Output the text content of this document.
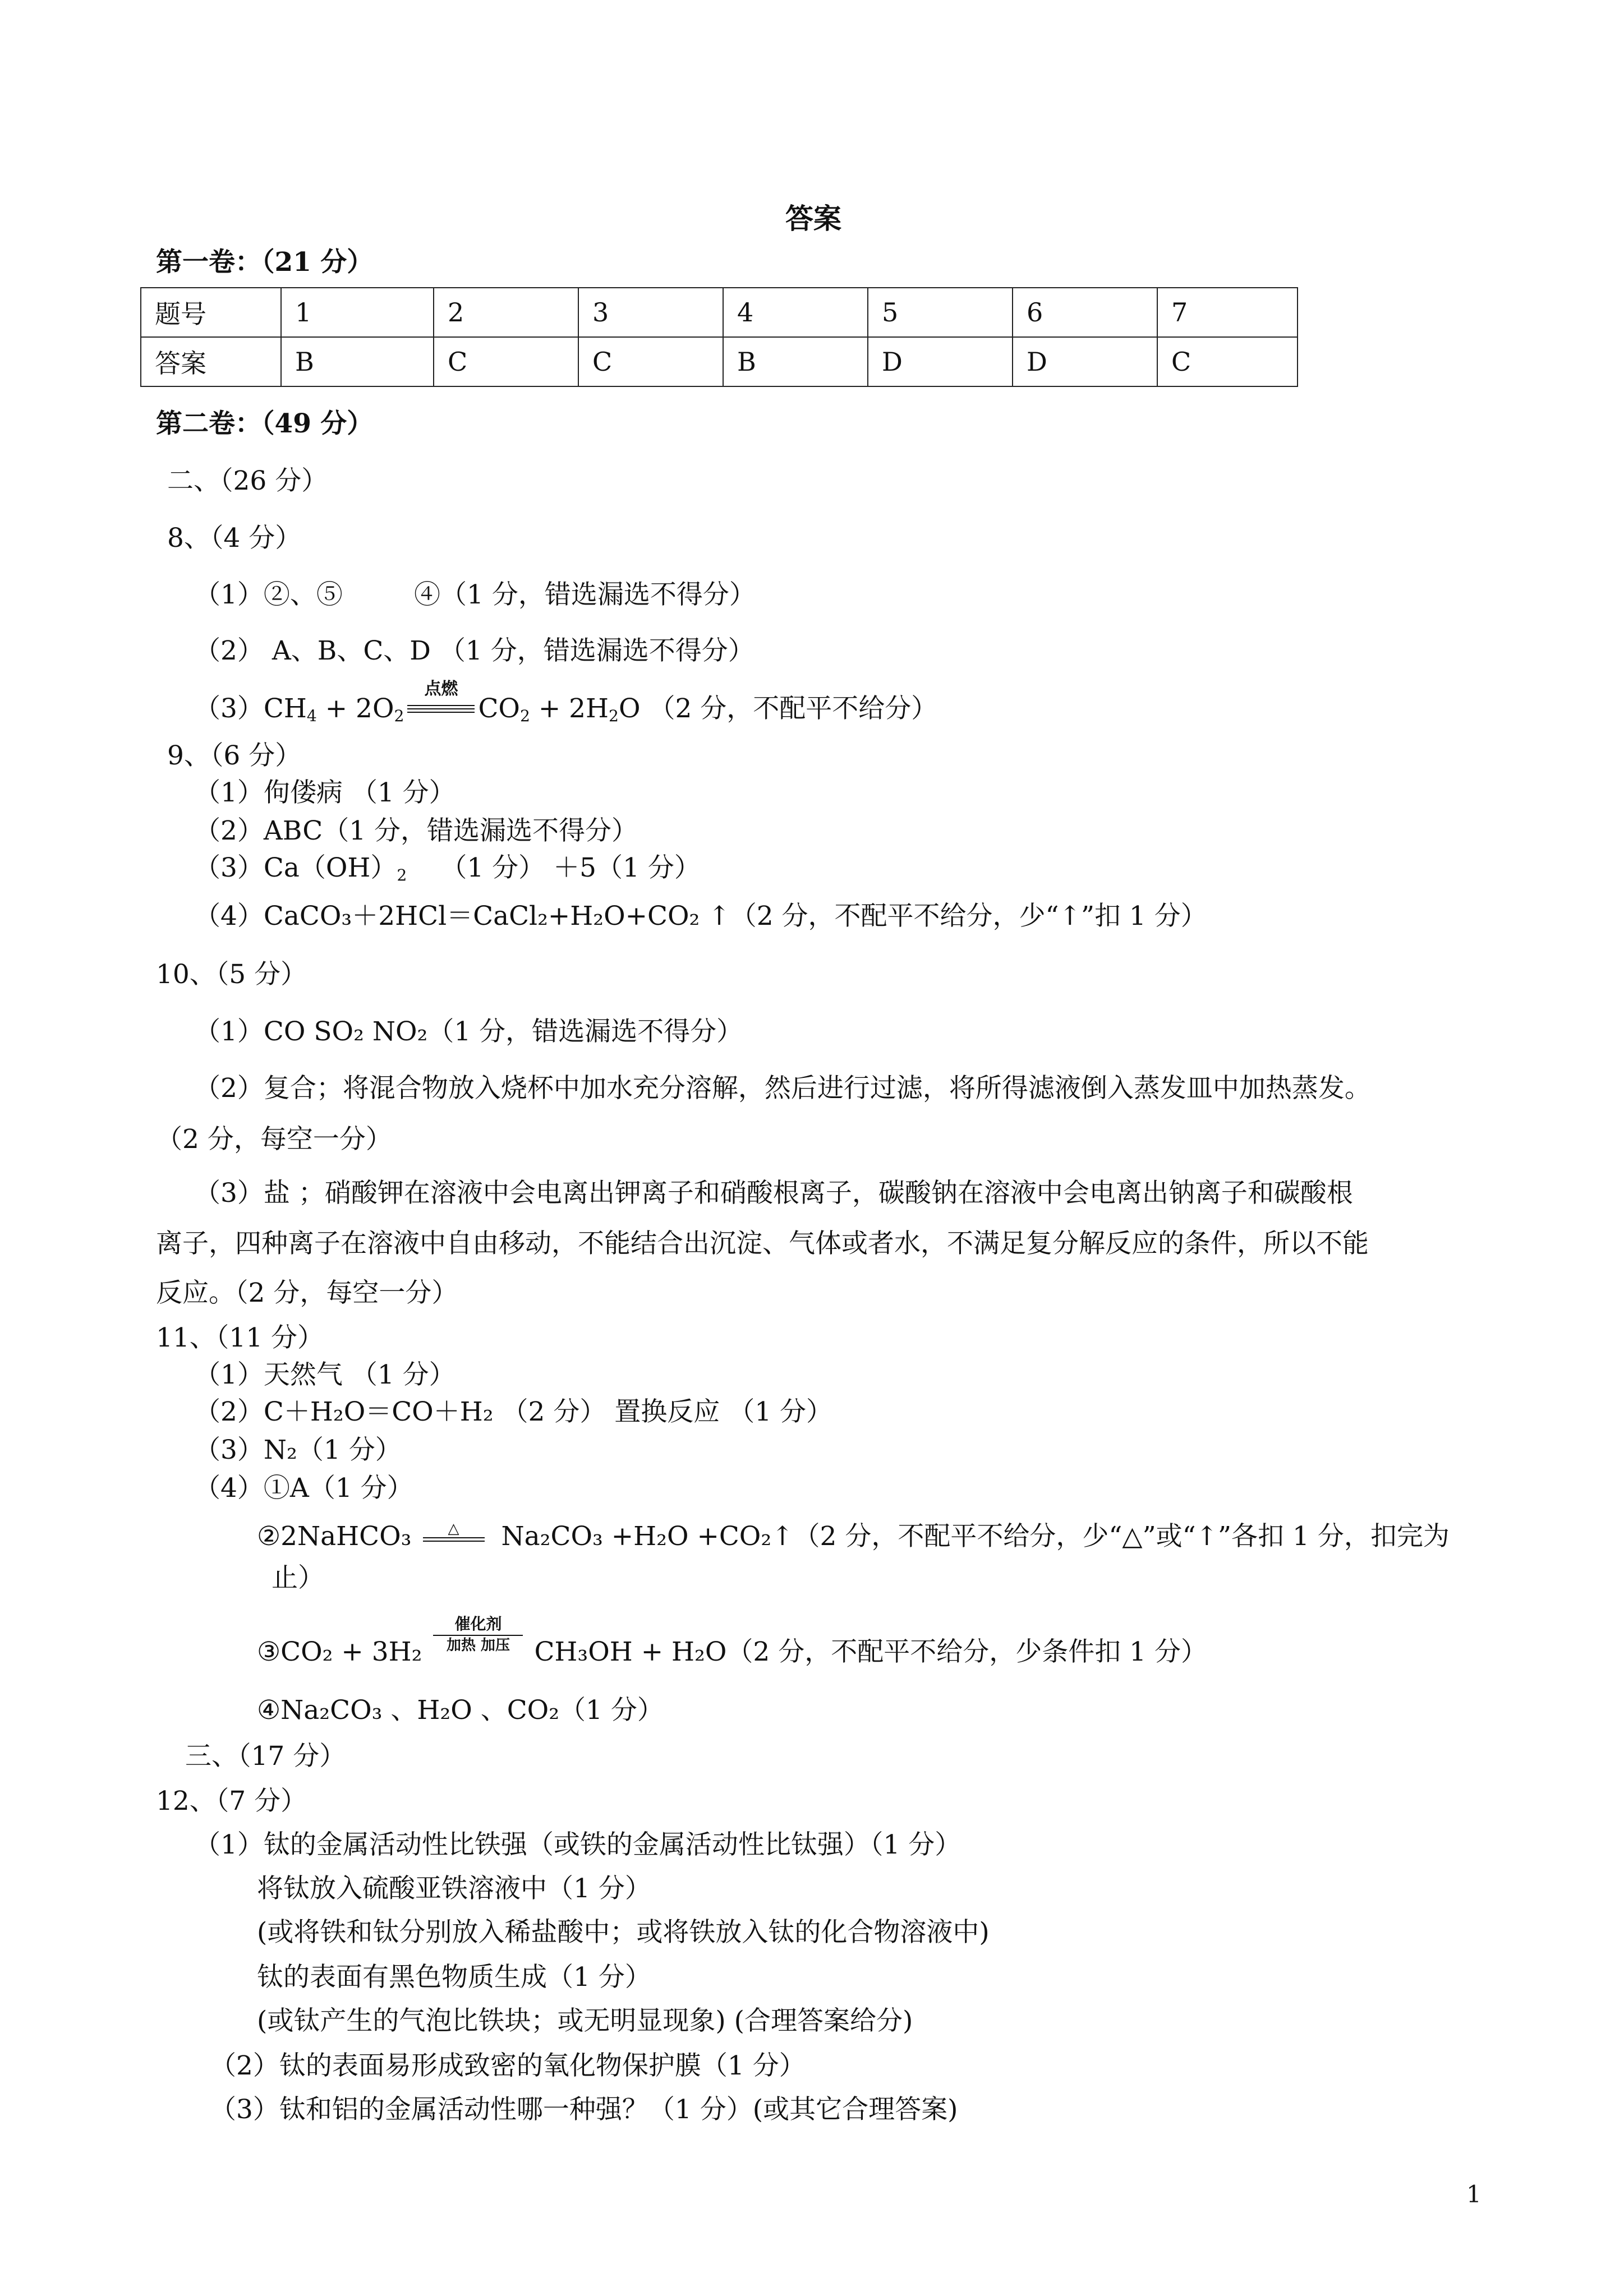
答案
第一卷：（21 分）
题号	1	2	3	4	5	6	7
答案	B	C	C	B	D	D	C
第二卷：（49 分）
二、（26 分）
8、（4 分）
（1）②、⑤	④（1 分，错选漏选不得分）
（2） A、B、C、D （1 分，错选漏选不得分）
$(3)CH_4 + 2O_2$
点燃
$CO_2 + 2H_2O$ （2 分，不配平不给分）
9、（6 分）
（1）佝偻病 （1 分）
（2）ABC（1 分，错选漏选不得分）
$(3)Ca(OH)_2$ （1 分） ＋5（1 分）
（4）CaCO₃＋2HCl＝CaCl₂+H₂O+CO₂ ↑（2 分，不配平不给分，少“↑”扣 1 分）
10、（5 分）
（1）CO SO₂ NO₂（1 分，错选漏选不得分）
（2）复合；将混合物放入烧杯中加水充分溶解，然后进行过滤，将所得滤液倒入蒸发皿中加热蒸发。
（2 分，每空一分）
（3）盐 ；硝酸钾在溶液中会电离出钾离子和硝酸根离子，碳酸钠在溶液中会电离出钠离子和碳酸根
离子，四种离子在溶液中自由移动，不能结合出沉淀、气体或者水，不满足复分解反应的条件，所以不能
反应。（2 分，每空一分）
11、（11 分）
（1）天然气 （1 分）
（2）C＋H₂O＝CO＋H₂ （2 分） 置换反应 （1 分）
（3）N₂（1 分）
（4）①A（1 分）
②2NaHCO₃	△	Na₂CO₃ +H₂O +CO₂↑（2 分，不配平不给分，少“△”或“↑”各扣 1 分，扣完为
止）
③CO₂ + 3H₂
催化剂
加热 加压 CH₃OH + H₂O（2 分，不配平不给分，少条件扣 1 分）
④Na₂CO₃ 、H₂O 、CO₂（1 分）
三、（17 分）
12、（7 分）
（1）钛的金属活动性比铁强（或铁的金属活动性比钛强）（1 分）
将钛放入硫酸亚铁溶液中（1 分）
(或将铁和钛分别放入稀盐酸中；或将铁放入钛的化合物溶液中)
钛的表面有黑色物质生成（1 分）
(或钛产生的气泡比铁块；或无明显现象) (合理答案给分)
（2）钛的表面易形成致密的氧化物保护膜（1 分）
（3）钛和铝的金属活动性哪一种强？（1 分）(或其它合理答案)
1
